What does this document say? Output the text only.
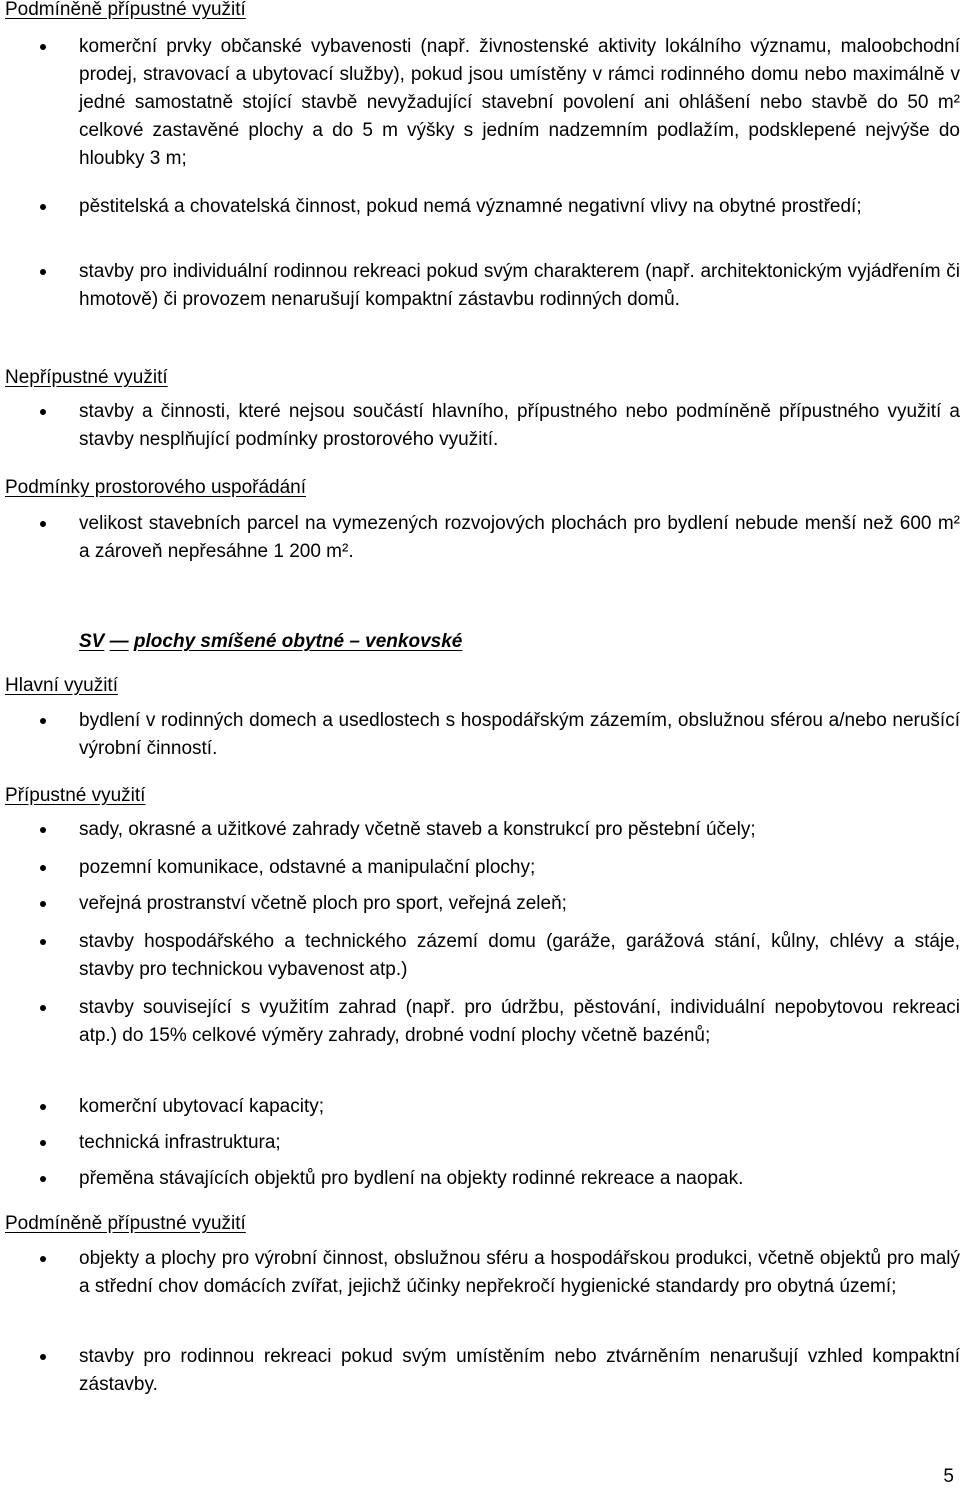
Podmíněně přípustné využití
komerční prvky občanské vybavenosti (např. živnostenské aktivity lokálního významu, maloobchodní prodej, stravovací a ubytovací služby), pokud jsou umístěny v rámci rodinného domu nebo maximálně v jedné samostatně stojící stavbě nevyžadující stavební povolení ani ohlášení nebo stavbě do 50 m² celkové zastavěné plochy a do 5 m výšky s jedním nadzemním podlažím, podsklepené nejvýše do hloubky 3 m;
pěstitelská a chovatelská činnost, pokud nemá významné negativní vlivy na obytné prostředí;
stavby pro individuální rodinnou rekreaci pokud svým charakterem (např. architektonickým vyjádřením či hmotově) či provozem nenarušují kompaktní zástavbu rodinných domů.
Nepřípustné využití
stavby a činnosti, které nejsou součástí hlavního, přípustného nebo podmíněně přípustného využití a stavby nesplňující podmínky prostorového využití.
Podmínky prostorového uspořádání
velikost stavebních parcel na vymezených rozvojových plochách pro bydlení nebude menší než 600 m² a zároveň nepřesáhne 1 200 m².
SV — plochy smíšené obytné – venkovské
Hlavní využití
bydlení v rodinných domech a usedlostech s hospodářským zázemím, obslužnou sférou a/nebo nerušící výrobní činností.
Přípustné využití
sady, okrasné a užitkové zahrady včetně staveb a konstrukcí pro pěstební účely;
pozemní komunikace, odstavné a manipulační plochy;
veřejná prostranství včetně ploch pro sport, veřejná zeleň;
stavby hospodářského a technického zázemí domu (garáže, garážová stání, kůlny, chlévy a stáje, stavby pro technickou vybavenost atp.)
stavby související s využitím zahrad (např. pro údržbu, pěstování, individuální nepobytovou rekreaci atp.) do 15% celkové výměry zahrady, drobné vodní plochy včetně bazénů;
komerční ubytovací kapacity;
technická infrastruktura;
přeměna stávajících objektů pro bydlení na objekty rodinné rekreace a naopak.
Podmíněně přípustné využití
objekty a plochy pro výrobní činnost, obslužnou sféru a hospodářskou produkci, včetně objektů pro malý a střední chov domácích zvířat, jejichž účinky nepřekročí hygienické standardy pro obytná území;
stavby pro rodinnou rekreaci pokud svým umístěním nebo ztvárněním nenarušují vzhled kompaktní zástavby.
5
